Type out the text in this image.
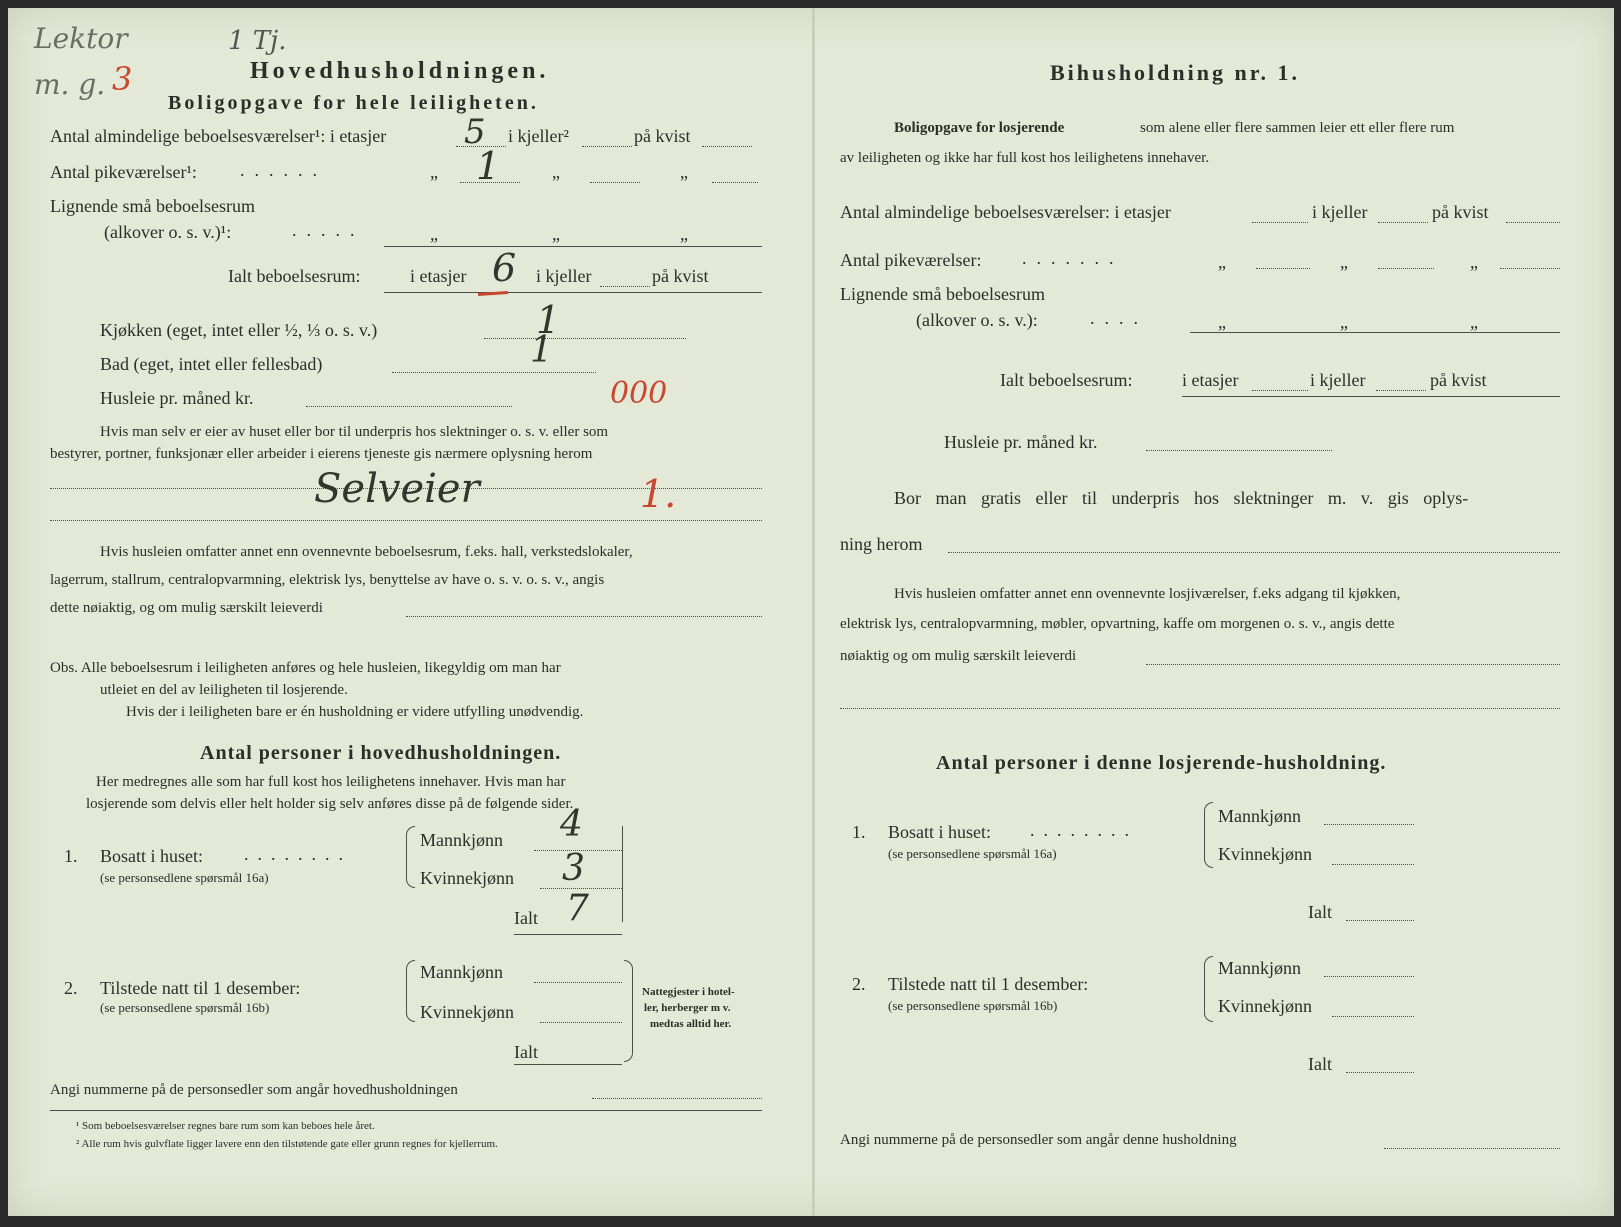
Lektor
m. g. 3
1 Tj.
Hovedhusholdningen.
Boligopgave for hele leiligheten.
Antal almindelige beboelsesværelser¹: i etasjer 5 i kjeller²	på kvist
Antal pikeværelser¹: ......	„ 1	„	„
Lignende små beboelsesrum
(alkover o. s. v.)¹:	.....	„	„	„
Ialt beboelsesrum:	i etasjer 6 i kjeller	på kvist
Kjøkken (eget, intet eller ½, ⅓ o. s. v.)	1
Bad (eget, intet eller fellesbad)	1
Husleie pr. måned kr.	000
Hvis man selv er eier av huset eller bor til underpris hos slektninger o. s. v. eller som
bestyrer, portner, funksjonær eller arbeider i eierens tjeneste gis nærmere oplysning herom
Selveier	1.
Hvis husleien omfatter annet enn ovennevnte beboelsesrum, f.eks. hall, verkstedslokaler,
lagerrum, stallrum, centralopvarmning, elektrisk lys, benyttelse av have o. s. v. o. s. v., angis
dette nøiaktig, og om mulig særskilt leieverdi
Obs. Alle beboelsesrum i leiligheten anføres og hele husleien, likegyldig om man har
utleiet en del av leiligheten til losjerende.
Hvis der i leiligheten bare er én husholdning er videre utfylling unødvendig.
Antal personer i hovedhusholdningen.
Her medregnes alle som har full kost hos leilighetens innehaver. Hvis man har
losjerende som delvis eller helt holder sig selv anføres disse på de følgende sider.
1. Bosatt i huset: ........
(se personsedlene spørsmål 16a)
Mannkjønn 4
Kvinnekjønn 3
Ialt 7
2. Tilstede natt til 1 desember:
(se personsedlene spørsmål 16b)
Mannkjønn
Kvinnekjønn
Ialt
Nattegjester i hotel-
ler, herberger m v.
medtas alltid her.
Angi nummerne på de personsedler som angår hovedhusholdningen
¹ Som beboelsesværelser regnes bare rum som kan beboes hele året.
² Alle rum hvis gulvflate ligger lavere enn den tilstøtende gate eller grunn regnes for kjellerrum.
Bihusholdning nr. 1.
Boligopgave for losjerende	som alene eller flere sammen leier ett eller flere rum
av leiligheten og ikke har full kost hos leilighetens innehaver.
Antal almindelige beboelsesværelser: i etasjer	i kjeller	på kvist
Antal pikeværelser: .......	„	„	„
Lignende små beboelsesrum
(alkover o. s. v.):	....	„	„	„
Ialt beboelsesrum:	i etasjer	i kjeller	på kvist
Husleie pr. måned kr.
Bor man gratis eller til underpris hos slektninger m. v. gis oplys-
ning herom
Hvis husleien omfatter annet enn ovennevnte losjiværelser, f.eks adgang til kjøkken,
elektrisk lys, centralopvarmning, møbler, opvartning, kaffe om morgenen o. s. v., angis dette
nøiaktig og om mulig særskilt leieverdi
Antal personer i denne losjerende-husholdning.
1. Bosatt i huset: ........
(se personsedlene spørsmål 16a)
Mannkjønn
Kvinnekjønn
Ialt
2. Tilstede natt til 1 desember:
(se personsedlene spørsmål 16b)
Mannkjønn
Kvinnekjønn
Ialt
Angi nummerne på de personsedler som angår denne husholdning
